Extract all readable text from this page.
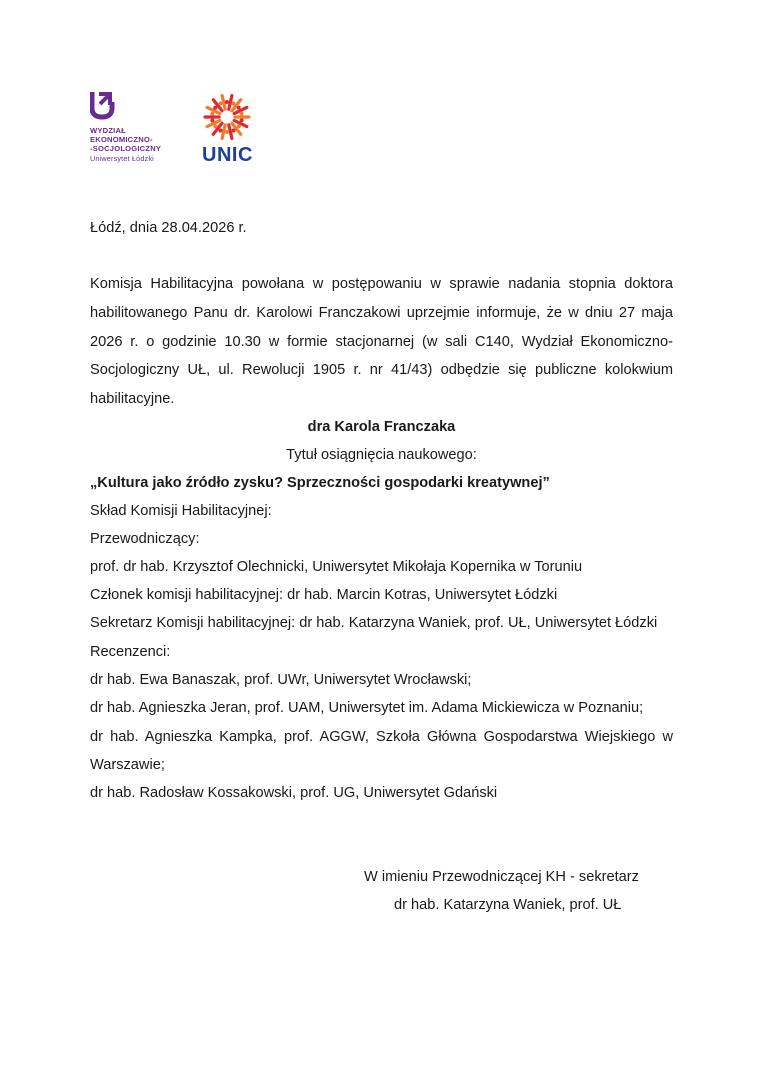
WYDZIAŁ
EKONOMICZNO-
-SOCJOLOGICZNY
Uniwersytet Łódzki	UNIC
Łódź, dnia 28.04.2026 r.
Komisja Habilitacyjna powołana w postępowaniu w sprawie nadania stopnia doktora
habilitowanego Panu dr. Karolowi Franczakowi uprzejmie informuje, że w dniu 27 maja
2026 r. o godzinie 10.30 w formie stacjonarnej (w sali C140, Wydział Ekonomiczno-
Socjologiczny UŁ, ul. Rewolucji 1905 r. nr 41/43) odbędzie się publiczne kolokwium
habilitacyjne.
dra Karola Franczaka
Tytuł osiągnięcia naukowego:
„Kultura jako źródło zysku? Sprzeczności gospodarki kreatywnej”
Skład Komisji Habilitacyjnej:
Przewodniczący:
prof. dr hab. Krzysztof Olechnicki, Uniwersytet Mikołaja Kopernika w Toruniu
Członek komisji habilitacyjnej: dr hab. Marcin Kotras, Uniwersytet Łódzki
Sekretarz Komisji habilitacyjnej: dr hab. Katarzyna Waniek, prof. UŁ, Uniwersytet Łódzki
Recenzenci:
dr hab. Ewa Banaszak, prof. UWr, Uniwersytet Wrocławski;
dr hab. Agnieszka Jeran, prof. UAM, Uniwersytet im. Adama Mickiewicza w Poznaniu;
dr hab. Agnieszka Kampka, prof. AGGW, Szkoła Główna Gospodarstwa Wiejskiego w
Warszawie;
dr hab. Radosław Kossakowski, prof. UG, Uniwersytet Gdański
W imieniu Przewodniczącej KH - sekretarz
dr hab. Katarzyna Waniek, prof. UŁ
